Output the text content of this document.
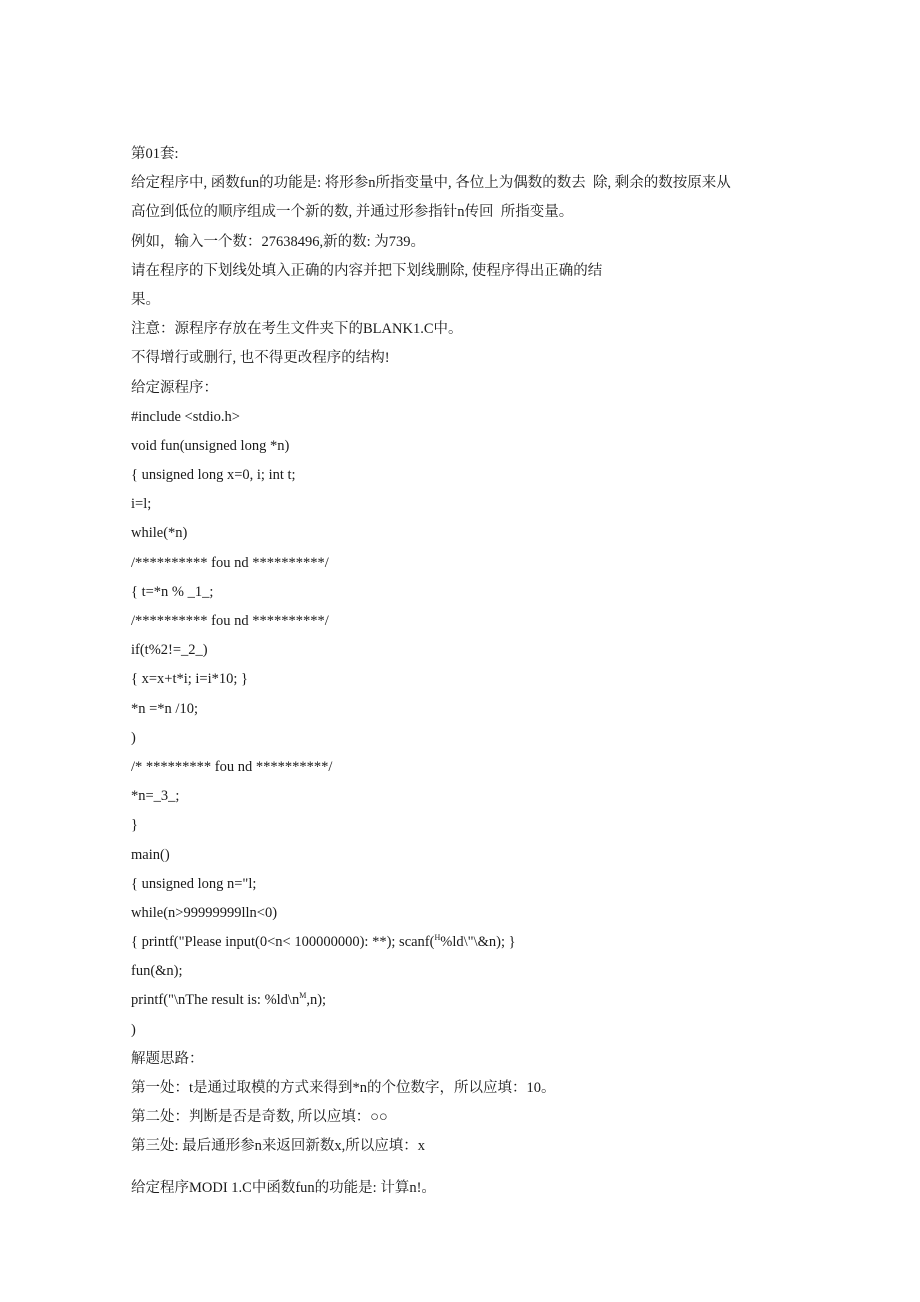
第01套:
给定程序中, 函数fun的功能是: 将形参n所指变量中, 各位上为偶数的数去  除, 剩余的数按原来从
高位到低位的顺序组成一个新的数, 并通过形参指针n传回  所指变量。
例如，输入一个数：27638496,新的数: 为739。
请在程序的下划线处填入正确的内容并把下划线删除, 使程序得出正确的结
果。
注意：源程序存放在考生文件夹下的BLANK1.C中。
不得增行或删行, 也不得更改程序的结构!
给定源程序：
#include <stdio.h>
void fun(unsigned long *n)
{ unsigned long x=0, i; int t;
i=l;
while(*n)
/********** fou nd **********/
{ t=*n % _1_;
/********** fou nd **********/
if(t%2!=_2_)
{ x=x+t*i; i=i*10; }
*n =*n /10;
)
/* ********* fou nd **********/
*n=_3_;
}
main()
{ unsigned long n="l;
while(n>99999999lln<0)
{ printf("Please input(0<n< 100000000): **); scanf($^H$%ld\"\&n); }
fun(&n);
printf("\nThe result is: $\%ld\backslash n^M,n$);
)
解题思路：
第一处：t是通过取模的方式来得到*n的个位数字，所以应填：10。
第二处：判断是否是奇数, 所以应填：○○
第三处: 最后通形参n来返回新数x,所以应填：x
给定程序MODI 1.C中函数fun的功能是: 计算n!。
